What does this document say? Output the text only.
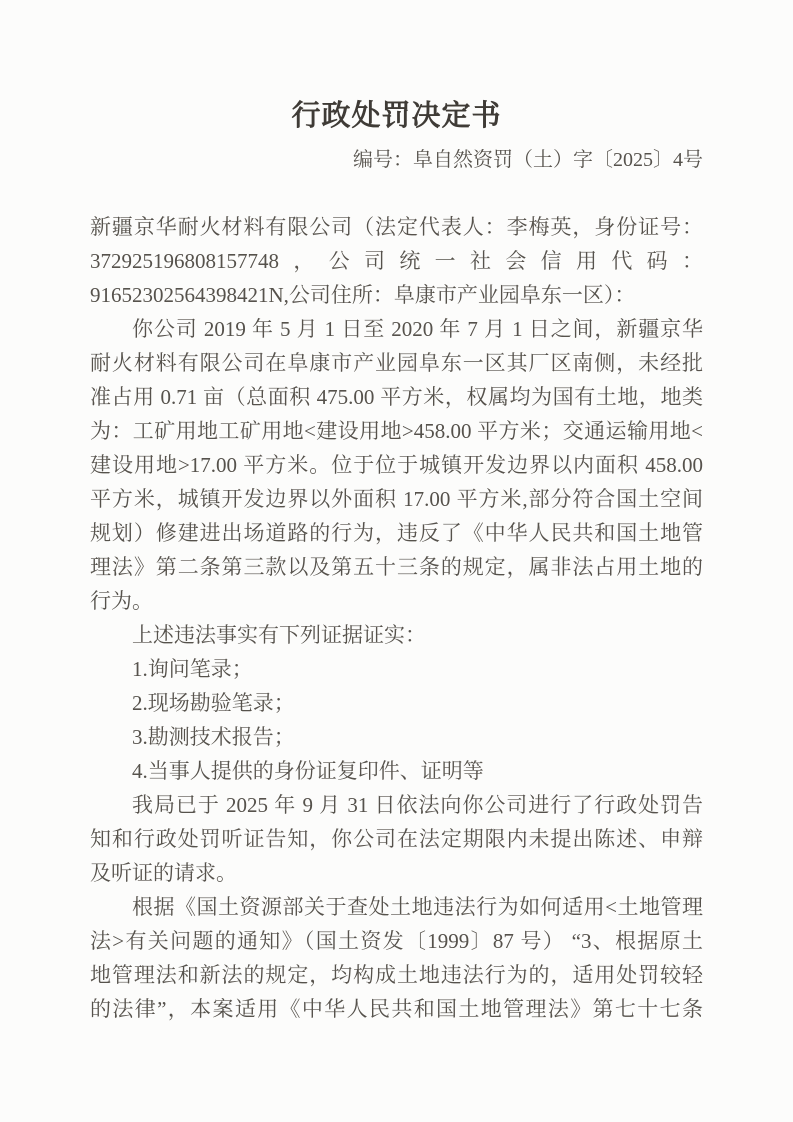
行政处罚决定书
编号：阜自然资罚（土）字〔2025〕4号
新疆京华耐火材料有限公司（法定代表人：李梅英，身份证号：
372925196808157748，公司统一社会信用代码：
91652302564398421N,公司住所：阜康市产业园阜东一区）：
你公司 2019 年 5 月 1 日至 2020 年 7 月 1 日之间，新疆京华
耐火材料有限公司在阜康市产业园阜东一区其厂区南侧，未经批
准占用 0.71 亩（总面积 475.00 平方米，权属均为国有土地，地类
为：工矿用地工矿用地<建设用地>458.00 平方米；交通运输用地<
建设用地>17.00 平方米。位于位于城镇开发边界以内面积 458.00
平方米，城镇开发边界以外面积 17.00 平方米,部分符合国土空间
规划）修建进出场道路的行为，违反了《中华人民共和国土地管
理法》第二条第三款以及第五十三条的规定，属非法占用土地的
行为。
上述违法事实有下列证据证实：
1.询问笔录；
2.现场勘验笔录；
3.勘测技术报告；
4.当事人提供的身份证复印件、证明等
我局已于 2025 年 9 月 31 日依法向你公司进行了行政处罚告
知和行政处罚听证告知，你公司在法定期限内未提出陈述、申辩
及听证的请求。
根据《国土资源部关于查处土地违法行为如何适用<土地管理
法>有关问题的通知》（国土资发〔1999〕87 号） “3、根据原土
地管理法和新法的规定，均构成土地违法行为的，适用处罚较轻
的法律”，本案适用《中华人民共和国土地管理法》第七十七条
